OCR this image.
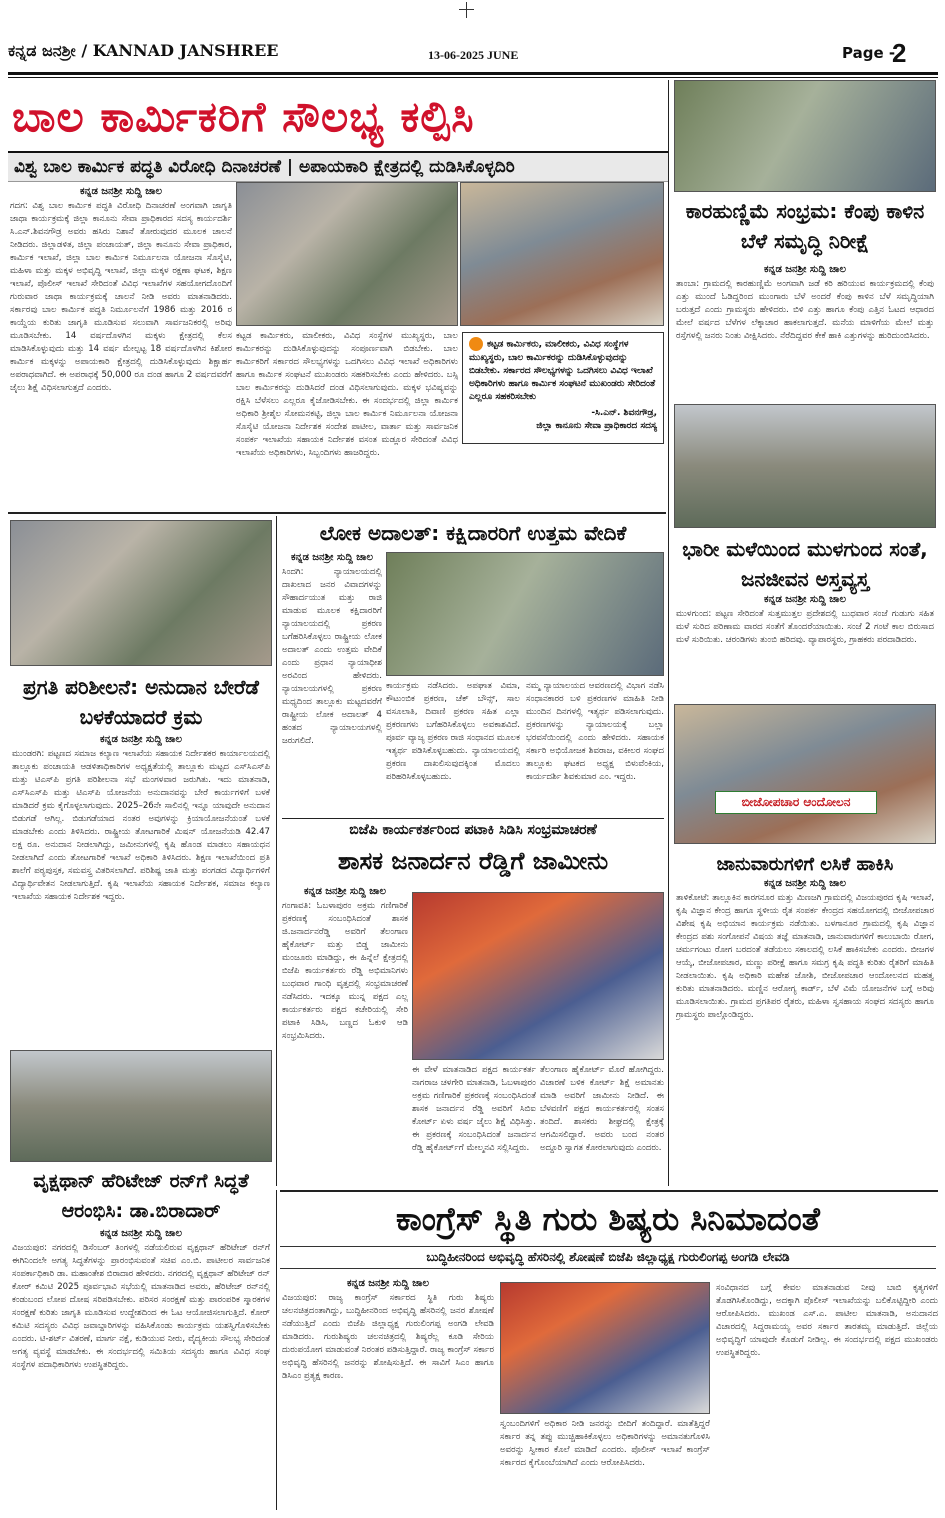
ಕನ್ನಡ ಜನಶ್ರೀ / KANNAD JANSHREE	13-06-2025 JUNE	Page -
2
ಬಾಲ ಕಾರ್ಮಿಕರಿಗೆ ಸೌಲಭ್ಯ ಕಲ್ಪಿಸಿ
ವಿಶ್ವ ಬಾಲ ಕಾರ್ಮಿಕ ಪದ್ಧತಿ ವಿರೋಧಿ ದಿನಾಚರಣೆ | ಅಪಾಯಕಾರಿ ಕ್ಷೇತ್ರದಲ್ಲಿ ದುಡಿಸಿಕೊಳ್ಳದಿರಿ
ಕನ್ನಡ ಜನಶ್ರೀ ಸುದ್ದಿ ಜಾಲ
ಗದಗ: ವಿಶ್ವ ಬಾಲ ಕಾರ್ಮಿಕ ಪದ್ಧತಿ ವಿರೋಧಿ ದಿನಾಚರಣೆ ಅಂಗವಾಗಿ ಜಾಗೃತಿ ಜಾಥಾ ಕಾರ್ಯಕ್ರಮಕ್ಕೆ ಜಿಲ್ಲಾ ಕಾನೂನು ಸೇವಾ ಪ್ರಾಧಿಕಾರದ ಸದಸ್ಯ ಕಾರ್ಯದರ್ಶಿ ಸಿ.ಎನ್.ಶಿವನಗೌಡ್ರ ಅವರು ಹಸಿರು ನಿಶಾನೆ ತೋರುವುದರ ಮೂಲಕ ಚಾಲನೆ ನೀಡಿದರು. ಜಿಲ್ಲಾಡಳಿತ, ಜಿಲ್ಲಾ ಪಂಚಾಯತ್, ಜಿಲ್ಲಾ ಕಾನೂನು ಸೇವಾ ಪ್ರಾಧಿಕಾರ, ಕಾರ್ಮಿಕ ಇಲಾಖೆ, ಜಿಲ್ಲಾ ಬಾಲ ಕಾರ್ಮಿಕ ನಿರ್ಮೂಲನಾ ಯೋಜನಾ ಸೊಸೈಟಿ, ಮಹಿಳಾ ಮತ್ತು ಮಕ್ಕಳ ಅಭಿವೃದ್ಧಿ ಇಲಾಖೆ, ಜಿಲ್ಲಾ ಮಕ್ಕಳ ರಕ್ಷಣಾ ಘಟಕ, ಶಿಕ್ಷಣ ಇಲಾಖೆ, ಪೊಲೀಸ್ ಇಲಾಖೆ ಸೇರಿದಂತೆ ವಿವಿಧ ಇಲಾಖೆಗಳ ಸಹಯೋಗದೊಂದಿಗೆ ಗುರುವಾರ ಜಾಥಾ ಕಾರ್ಯಕ್ರಮಕ್ಕೆ ಚಾಲನೆ ನೀಡಿ ಅವರು ಮಾತನಾಡಿದರು. ಸರ್ಕಾರವು ಬಾಲ ಕಾರ್ಮಿಕ ಪದ್ಧತಿ ನಿರ್ಮೂಲನೆಗೆ 1986 ಮತ್ತು 2016 ರ ಕಾಯ್ದೆಯ ಕುರಿತು ಜಾಗೃತಿ ಮೂಡಿಸುವ ಸಲುವಾಗಿ ಸಾರ್ವಜನಿಕರಲ್ಲಿ ಅರಿವು ಮೂಡಿಸಬೇಕು. 14 ವರ್ಷದೊಳಗಿನ ಮಕ್ಕಳು ಕ್ಷೇತ್ರದಲ್ಲಿ ಕೆಲಸ ಮಾಡಿಸಿಕೊಳ್ಳುವುದು ಮತ್ತು 14 ವರ್ಷ ಮೇಲ್ಪಟ್ಟ 18 ವರ್ಷದೊಳಗಿನ ಕಿಶೋರ ಕಾರ್ಮಿಕ ಮಕ್ಕಳನ್ನು ಅಪಾಯಕಾರಿ ಕ್ಷೇತ್ರದಲ್ಲಿ ದುಡಿಸಿಕೊಳ್ಳುವುದು ಶಿಕ್ಷಾರ್ಹ ಅಪರಾಧವಾಗಿದೆ. ಈ ಅಪರಾಧಕ್ಕೆ 50,000 ರೂ ದಂಡ ಹಾಗೂ 2 ವರ್ಷದವರೆಗೆ ಜೈಲು ಶಿಕ್ಷೆ ವಿಧಿಸಲಾಗುತ್ತದೆ ಎಂದರು.
ಕಟ್ಟಡ ಕಾರ್ಮಿಕರು, ಮಾಲೀಕರು, ವಿವಿಧ ಸಂಸ್ಥೆಗಳ ಮುಖ್ಯಸ್ಥರು, ಬಾಲ ಕಾರ್ಮಿಕರನ್ನು ದುಡಿಸಿಕೊಳ್ಳುವುದನ್ನು ಸಂಪೂರ್ಣವಾಗಿ ಬಿಡಬೇಕು. ಬಾಲ ಕಾರ್ಮಿಕರಿಗೆ ಸರ್ಕಾರದ ಸೌಲಭ್ಯಗಳನ್ನು ಒದಗಿಸಲು ವಿವಿಧ ಇಲಾಖೆ ಅಧಿಕಾರಿಗಳು ಹಾಗೂ ಕಾರ್ಮಿಕ ಸಂಘಟನೆ ಮುಖಂಡರು ಸಹಕರಿಸಬೇಕು ಎಂದು ಹೇಳಿದರು. ಬಸ್ಸಿ ಬಾಲ ಕಾರ್ಮಿಕರನ್ನು ದುಡಿಸಿದರೆ ದಂಡ ವಿಧಿಸಲಾಗುವುದು. ಮಕ್ಕಳ ಭವಿಷ್ಯವನ್ನು ರಕ್ಷಿಸಿ ಬೆಳೆಸಲು ಎಲ್ಲರೂ ಕೈಜೋಡಿಸಬೇಕು. ಈ ಸಂದರ್ಭದಲ್ಲಿ ಜಿಲ್ಲಾ ಕಾರ್ಮಿಕ ಅಧಿಕಾರಿ ಶ್ರೀಶೈಲ ಸೋಮನಕಟ್ಟಿ, ಜಿಲ್ಲಾ ಬಾಲ ಕಾರ್ಮಿಕ ನಿರ್ಮೂಲನಾ ಯೋಜನಾ ಸೊಸೈಟಿ ಯೋಜನಾ ನಿರ್ದೇಶಕ ಸಂದೇಶ ಪಾಟೀಲ, ವಾರ್ತಾ ಮತ್ತು ಸಾರ್ವಜನಿಕ ಸಂಪರ್ಕ ಇಲಾಖೆಯ ಸಹಾಯಕ ನಿರ್ದೇಶಕ ವಸಂತ ಮಡ್ಲೂರ ಸೇರಿದಂತೆ ವಿವಿಧ ಇಲಾಖೆಯ ಅಧಿಕಾರಿಗಳು, ಸಿಬ್ಬಂದಿಗಳು ಹಾಜರಿದ್ದರು.
ಕಟ್ಟಡ ಕಾರ್ಮಿಕರು, ಮಾಲೀಕರು, ವಿವಿಧ ಸಂಸ್ಥೆಗಳ ಮುಖ್ಯಸ್ಥರು, ಬಾಲ ಕಾರ್ಮಿಕರನ್ನು ದುಡಿಸಿಕೊಳ್ಳುವುದನ್ನು ಬಿಡಬೇಕು. ಸರ್ಕಾರದ ಸೌಲಭ್ಯಗಳನ್ನು ಒದಗಿಸಲು ವಿವಿಧ ಇಲಾಖೆ ಅಧಿಕಾರಿಗಳು ಹಾಗೂ ಕಾರ್ಮಿಕ ಸಂಘಟನೆ ಮುಖಂಡರು ಸೇರಿದಂತೆ ಎಲ್ಲರೂ ಸಹಕರಿಸಬೇಕು
-ಸಿ.ಎನ್. ಶಿವನಗೌಡ್ರ,
ಜಿಲ್ಲಾ ಕಾನೂನು ಸೇವಾ ಪ್ರಾಧಿಕಾರದ ಸದಸ್ಯ
ಕಾರಹುಣ್ಣಿಮೆ ಸಂಭ್ರಮ: ಕೆಂಪು ಕಾಳಿನ ಬೆಳೆ ಸಮೃದ್ಧಿ ನಿರೀಕ್ಷೆ
ಕನ್ನಡ ಜನಶ್ರೀ ಸುದ್ದಿ ಜಾಲ
ತಾಂಬಾ: ಗ್ರಾಮದಲ್ಲಿ ಕಾರಹುಣ್ಣಿಮೆ ಅಂಗವಾಗಿ ಜಡೆ ಕರಿ ಹರಿಯುವ ಕಾರ್ಯಕ್ರಮದಲ್ಲಿ ಕೆಂಪು ಎತ್ತು ಮುಂದೆ ಓಡಿದ್ದರಿಂದ ಮುಂಗಾರು ಬೆಳೆ ಅಂದರೆ ಕೆಂಪು ಕಾಳಿನ ಬೆಳೆ ಸಮೃದ್ಧಿಯಾಗಿ ಬರುತ್ತದೆ ಎಂದು ಗ್ರಾಮಸ್ಥರು ಹೇಳಿದರು. ಬಿಳಿ ಎತ್ತು ಹಾಗೂ ಕೆಂಪು ಎತ್ತಿನ ಓಟದ ಆಧಾರದ ಮೇಲೆ ವರ್ಷದ ಬೆಳೆಗಳ ಲೆಕ್ಕಾಚಾರ ಹಾಕಲಾಗುತ್ತದೆ. ಮನೆಯ ಮಾಳಿಗೆಯ ಮೇಲೆ ಮತ್ತು ರಸ್ತೆಗಳಲ್ಲಿ ಜನರು ನಿಂತು ವೀಕ್ಷಿಸಿದರು. ನೆರೆದಿದ್ದವರ ಕೇಕೆ ಹಾಕಿ ಎತ್ತುಗಳನ್ನು ಹುರಿದುಂಬಿಸಿದರು.
ಭಾರೀ ಮಳೆಯಿಂದ ಮುಳಗುಂದ ಸಂತೆ, ಜನಜೀವನ ಅಸ್ತವ್ಯಸ್ತ
ಕನ್ನಡ ಜನಶ್ರೀ ಸುದ್ದಿ ಜಾಲ
ಮುಳಗುಂದ: ಪಟ್ಟಣ ಸೇರಿದಂತೆ ಸುತ್ತಮುತ್ತಲ ಪ್ರದೇಶದಲ್ಲಿ ಬುಧವಾರ ಸಂಜೆ ಗುಡುಗು ಸಹಿತ ಮಳೆ ಸುರಿದ ಪರಿಣಾಮ ವಾರದ ಸಂತೆಗೆ ತೊಂದರೆಯಾಯಿತು. ಸಂಜೆ 2 ಗಂಟೆ ಕಾಲ ಬಿರುಸಾದ ಮಳೆ ಸುರಿಯಿತು. ಚರಂಡಿಗಳು ತುಂಬಿ ಹರಿದವು. ವ್ಯಾಪಾರಸ್ಥರು, ಗ್ರಾಹಕರು ಪರದಾಡಿದರು.
ಬೀಜೋಪಚಾರ ಆಂದೋಲನ
ಜಾನುವಾರುಗಳಿಗೆ ಲಸಿಕೆ ಹಾಕಿಸಿ
ಕನ್ನಡ ಜನಶ್ರೀ ಸುದ್ದಿ ಜಾಲ
ತಾಳಿಕೋಟೆ: ತಾಲ್ಲೂಕಿನ ಕಾರಗನೂರ ಮತ್ತು ಮಿಣಜಗಿ ಗ್ರಾಮದಲ್ಲಿ ವಿಜಯಪುರದ ಕೃಷಿ ಇಲಾಖೆ, ಕೃಷಿ ವಿಜ್ಞಾನ ಕೇಂದ್ರ ಹಾಗೂ ಸ್ಥಳೀಯ ರೈತ ಸಂಪರ್ಕ ಕೇಂದ್ರದ ಸಹಯೋಗದಲ್ಲಿ ಬೀಜೋಪಚಾರ ವಿಶೇಷ ಕೃಷಿ ಅಭಿಯಾನ ಕಾರ್ಯಕ್ರಮ ನಡೆಯಿತು. ಬಳಗಾನೂರ ಗ್ರಾಮದಲ್ಲಿ ಕೃಷಿ ವಿಜ್ಞಾನ ಕೇಂದ್ರದ ಪಶು ಸಂಗೋಪನೆ ವಿಷಯ ತಜ್ಞೆ ಮಾತನಾಡಿ, ಜಾನುವಾರುಗಳಿಗೆ ಕಾಲುಬಾಯಿ ರೋಗ, ಚರ್ಮಗಂಟು ರೋಗ ಬರದಂತೆ ತಡೆಯಲು ಸಕಾಲದಲ್ಲಿ ಲಸಿಕೆ ಹಾಕಿಸಬೇಕು ಎಂದರು. ಬೀಜಗಳ ಆಯ್ಕೆ, ಬೀಜೋಪಚಾರ, ಮಣ್ಣು ಪರೀಕ್ಷೆ ಹಾಗೂ ಸಮಗ್ರ ಕೃಷಿ ಪದ್ಧತಿ ಕುರಿತು ರೈತರಿಗೆ ಮಾಹಿತಿ ನೀಡಲಾಯಿತು. ಕೃಷಿ ಅಧಿಕಾರಿ ಮಹೇಶ ಜೋಶಿ, ಬೀಜೋಪಚಾರ ಆಂದೋಲನದ ಮಹತ್ವ ಕುರಿತು ಮಾತನಾಡಿದರು. ಮಣ್ಣಿನ ಆರೋಗ್ಯ ಕಾರ್ಡ್, ಬೆಳೆ ವಿಮೆ ಯೋಜನೆಗಳ ಬಗ್ಗೆ ಅರಿವು ಮೂಡಿಸಲಾಯಿತು. ಗ್ರಾಮದ ಪ್ರಗತಿಪರ ರೈತರು, ಮಹಿಳಾ ಸ್ವಸಹಾಯ ಸಂಘದ ಸದಸ್ಯರು ಹಾಗೂ ಗ್ರಾಮಸ್ಥರು ಪಾಲ್ಗೊಂಡಿದ್ದರು.
ಪ್ರಗತಿ ಪರಿಶೀಲನೆ: ಅನುದಾನ ಬೇರೆಡೆ ಬಳಕೆಯಾದರೆ ಕ್ರಮ
ಕನ್ನಡ ಜನಶ್ರೀ ಸುದ್ದಿ ಜಾಲ
ಮುಂಡರಗಿ: ಪಟ್ಟಣದ ಸಮಾಜ ಕಲ್ಯಾಣ ಇಲಾಖೆಯ ಸಹಾಯಕ ನಿರ್ದೇಶಕರ ಕಾರ್ಯಾಲಯದಲ್ಲಿ ತಾಲ್ಲೂಕು ಪಂಚಾಯತಿ ಆಡಳಿತಾಧಿಕಾರಿಗಳ ಅಧ್ಯಕ್ಷತೆಯಲ್ಲಿ ತಾಲ್ಲೂಕು ಮಟ್ಟದ ಎಸ್‌ಸಿಎಸ್‌ಪಿ ಮತ್ತು ಟಿಎಸ್‌ಪಿ ಪ್ರಗತಿ ಪರಿಶೀಲನಾ ಸಭೆ ಮಂಗಳವಾರ ಜರುಗಿತು. ಇದು ಮಾತನಾಡಿ, ಎಸ್‌ಸಿಎಸ್‌ಪಿ ಮತ್ತು ಟಿಎಸ್‌ಪಿ ಯೋಜನೆಯ ಅನುದಾನವನ್ನು ಬೇರೆ ಕಾರ್ಯಗಳಿಗೆ ಬಳಕೆ ಮಾಡಿದರೆ ಕ್ರಮ ಕೈಗೊಳ್ಳಲಾಗುವುದು. 2025–26ನೇ ಸಾಲಿನಲ್ಲಿ ಇನ್ನೂ ಯಾವುದೇ ಅನುದಾನ ಬಿಡುಗಡೆ ಆಗಿಲ್ಲ. ಬಿಡುಗಡೆಯಾದ ನಂತರ ಅವುಗಳನ್ನು ಕ್ರಿಯಾಯೋಜನೆಯಂತೆ ಬಳಕೆ ಮಾಡಬೇಕು ಎಂದು ತಿಳಿಸಿದರು. ರಾಷ್ಟ್ರೀಯ ತೋಟಗಾರಿಕೆ ಮಿಷನ್ ಯೋಜನೆಯಡಿ 42.47 ಲಕ್ಷ ರೂ. ಅನುದಾನ ನೀಡಲಾಗಿದ್ದು, ಜಮೀನುಗಳಲ್ಲಿ ಕೃಷಿ ಹೊಂಡ ಮಾಡಲು ಸಹಾಯಧನ ನೀಡಲಾಗಿದೆ ಎಂದು ತೋಟಗಾರಿಕೆ ಇಲಾಖೆ ಅಧಿಕಾರಿ ತಿಳಿಸಿದರು. ಶಿಕ್ಷಣ ಇಲಾಖೆಯಿಂದ ಪ್ರತಿ ಶಾಲೆಗೆ ಪಠ್ಯಪುಸ್ತಕ, ಸಮವಸ್ತ್ರ ವಿತರಿಸಲಾಗಿದೆ. ಪರಿಶಿಷ್ಟ ಜಾತಿ ಮತ್ತು ಪಂಗಡದ ವಿದ್ಯಾರ್ಥಿಗಳಿಗೆ ವಿದ್ಯಾರ್ಥಿವೇತನ ನೀಡಲಾಗುತ್ತಿದೆ. ಕೃಷಿ ಇಲಾಖೆಯ ಸಹಾಯಕ ನಿರ್ದೇಶಕ, ಸಮಾಜ ಕಲ್ಯಾಣ ಇಲಾಖೆಯ ಸಹಾಯಕ ನಿರ್ದೇಶಕ ಇದ್ದರು.
ಲೋಕ ಅದಾಲತ್: ಕಕ್ಷಿದಾರರಿಗೆ ಉತ್ತಮ ವೇದಿಕೆ
ಕನ್ನಡ ಜನಶ್ರೀ ಸುದ್ದಿ ಜಾಲ
ಸಿಂದಗಿ: ನ್ಯಾಯಾಲಯದಲ್ಲಿ ದಾಖಲಾದ ಜನರ ವಿವಾದಗಳನ್ನು ಸೌಹಾರ್ದಯುತ ಮತ್ತು ರಾಜಿ ಮಾಡುವ ಮೂಲಕ ಕಕ್ಷಿದಾರರಿಗೆ ನ್ಯಾಯಾಲಯದಲ್ಲಿ ಪ್ರಕರಣ ಬಗೆಹರಿಸಿಕೊಳ್ಳಲು ರಾಷ್ಟ್ರೀಯ ಲೋಕ ಅದಾಲತ್ ಎಂದು ಉತ್ತಮ ವೇದಿಕೆ ಎಂದು ಪ್ರಧಾನ ನ್ಯಾಯಾಧೀಶ ಅರವಿಂದ ಹೇಳಿದರು. ನ್ಯಾಯಾಲಯಗಳಲ್ಲಿ ಪ್ರಕರಣ ಮಧ್ಯದಿಂದ ತಾಲ್ಲೂಕು ಮಟ್ಟದವರೆಗೆ ರಾಷ್ಟ್ರೀಯ ಲೋಕ ಅದಾಲತ್ 4 ಹಂತದ ನ್ಯಾಯಾಲಯಗಳಲ್ಲಿ ಜರುಗಲಿದೆ.
ಕಾರ್ಯಕ್ರಮ ನಡೆಸಿದರು. ಅಪಘಾತ ವಿಮಾ, ಕೌಟುಂಬಿಕ ಪ್ರಕರಣ, ಚೆಕ್ ಬೌನ್ಸ್, ಸಾಲ ವಸೂಲಾತಿ, ದಿವಾಣಿ ಪ್ರಕರಣ ಸಹಿತ ಎಲ್ಲಾ ಪ್ರಕರಣಗಳು ಬಗೆಹರಿಸಿಕೊಳ್ಳಲು ಅವಕಾಶವಿದೆ. ಪೂರ್ವ ವ್ಯಾಜ್ಯ ಪ್ರಕರಣ ರಾಜಿ ಸಂಧಾನದ ಮೂಲಕ ಇತ್ಯರ್ಥ ಪಡಿಸಿಕೊಳ್ಳಬಹುದು. ನ್ಯಾಯಾಲಯದಲ್ಲಿ ಪ್ರಕರಣ ದಾಖಲಿಸುವುದಕ್ಕಿಂತ ಮೊದಲು ಪರಿಹರಿಸಿಕೊಳ್ಳಬಹುದು.
ನಮ್ಮ ನ್ಯಾಯಾಲಯದ ಆವರಣದಲ್ಲಿ ವಿಭಾಗ ನಡೆಸಿ ಸಂಧಾನಕಾರರ ಬಳಿ ಪ್ರಕರಣಗಳ ಮಾಹಿತಿ ನೀಡಿ ಮುಂದಿನ ದಿನಗಳಲ್ಲಿ ಇತ್ಯರ್ಥ ಪಡಿಸಲಾಗುವುದು. ಪ್ರಕರಣಗಳನ್ನು ನ್ಯಾಯಾಲಯಕ್ಕೆ ಬಲ್ಲಾ ಭರವಸೆಯಿಂದಲ್ಲಿ ಎಂದು ಹೇಳಿದರು. ಸಹಾಯಕ ಸರ್ಕಾರಿ ಅಭಿಯೋಜಕ ಶಿವರಾಜ, ವಕೀಲರ ಸಂಘದ ತಾಲ್ಲೂಕು ಘಟಕದ ಅಧ್ಯಕ್ಷ ಬಿಳುವೆಂಕಿಯ, ಕಾರ್ಯದರ್ಶಿ ಶಿವಕುಮಾರ ಎಂ. ಇದ್ದರು.
ಬಿಜೆಪಿ ಕಾರ್ಯಕರ್ತರಿಂದ ಪಟಾಕಿ ಸಿಡಿಸಿ ಸಂಭ್ರಮಾಚರಣೆ
ಶಾಸಕ ಜನಾರ್ದನ ರೆಡ್ಡಿಗೆ ಜಾಮೀನು
ಕನ್ನಡ ಜನಶ್ರೀ ಸುದ್ದಿ ಜಾಲ
ಗಂಗಾವತಿ: ಓಬಳಾಪುರಂ ಅಕ್ರಮ ಗಣಿಗಾರಿಕೆ ಪ್ರಕರಣಕ್ಕೆ ಸಂಬಂಧಿಸಿದಂತೆ ಶಾಸಕ ಜಿ.ಜನಾರ್ದನರೆಡ್ಡಿ ಅವರಿಗೆ ತೆಲಂಗಾಣ ಹೈಕೋರ್ಟ್ ಮತ್ತು ಬಿಡ್ಡ ಜಾಮೀನು ಮಂಜೂರು ಮಾಡಿದ್ದು, ಈ ಹಿನ್ನೆಲೆ ಕ್ಷೇತ್ರದಲ್ಲಿ ಬಿಜೆಪಿ ಕಾರ್ಯಕರ್ತರು ರೆಡ್ಡಿ ಅಭಿಮಾನಿಗಳು ಬುಧವಾರ ಗಾಂಧಿ ವೃತ್ತದಲ್ಲಿ ಸಂಭ್ರಮಾಚರಣೆ ನಡೆಸಿದರು. ಇದಕ್ಕೂ ಮುನ್ನ ಪಕ್ಷದ ಎಲ್ಲ ಕಾರ್ಯಕರ್ತರು ಪಕ್ಷದ ಕಚೇರಿಯಲ್ಲಿ ಸೇರಿ ಪಟಾಕಿ ಸಿಡಿಸಿ, ಬಣ್ಣದ ಓಕುಳಿ ಆಡಿ ಸಂಭ್ರಮಿಸಿದರು.
ಈ ವೇಳೆ ಮಾತನಾಡಿದ ಪಕ್ಷದ ಕಾರ್ಯಕರ್ತ ನಾಗರಾಜ ಚಳಗೇರಿ ಮಾತನಾಡಿ, ಓಬಳಾಪುರಂ ಅಕ್ರಮ ಗಣಿಗಾರಿಕೆ ಪ್ರಕರಣಕ್ಕೆ ಸಂಬಂಧಿಸಿದಂತೆ ಶಾಸಕ ಜನಾರ್ದನ ರೆಡ್ಡಿ ಅವರಿಗೆ ಸಿಬಿಐ ಕೋರ್ಟ್ ಏಳು ವರ್ಷ ಜೈಲು ಶಿಕ್ಷೆ ವಿಧಿಸಿತ್ತು. ಈ ಪ್ರಕರಣಕ್ಕೆ ಸಂಬಂಧಿಸಿದಂತೆ ಜನಾರ್ದನ ರೆಡ್ಡಿ ಹೈಕೋರ್ಟ್‌ಗೆ ಮೇಲ್ಮನವಿ ಸಲ್ಲಿಸಿದ್ದರು.
ತೆಲಂಗಾಣ ಹೈಕೋರ್ಟ್ ಮೊರೆ ಹೋಗಿದ್ದರು. ವಿಚಾರಣೆ ಬಳಿಕ ಕೋರ್ಟ್ ಶಿಕ್ಷೆ ಅಮಾನತು ಮಾಡಿ ಅವರಿಗೆ ಜಾಮೀನು ನೀಡಿದೆ. ಈ ಬೆಳವಣಿಗೆ ಪಕ್ಷದ ಕಾರ್ಯಕರ್ತರಲ್ಲಿ ಸಂತಸ ತಂದಿದೆ. ಶಾಸಕರು ಶೀಘ್ರದಲ್ಲಿ ಕ್ಷೇತ್ರಕ್ಕೆ ಆಗಮಿಸಲಿದ್ದಾರೆ. ಅವರು ಬಂದ ನಂತರ ಅದ್ದೂರಿ ಸ್ವಾಗತ ಕೋರಲಾಗುವುದು ಎಂದರು.
ವೃಕ್ಷಥಾನ್ ಹೆರಿಟೇಜ್ ರನ್‌ಗೆ ಸಿದ್ಧತೆ ಆರಂಭಿಸಿ: ಡಾ.ಬಿರಾದಾರ್
ಕನ್ನಡ ಜನಶ್ರೀ ಸುದ್ದಿ ಜಾಲ
ವಿಜಯಪುರ: ನಗರದಲ್ಲಿ ಡಿಸೆಂಬರ್ ತಿಂಗಳಲ್ಲಿ ನಡೆಯಲಿರುವ ವೃಕ್ಷಥಾನ್ ಹೆರಿಟೇಜ್ ರನ್‌ಗೆ ಈಗಿನಿಂದಲೇ ಅಗತ್ಯ ಸಿದ್ಧತೆಗಳನ್ನು ಪ್ರಾರಂಭಿಸುವಂತೆ ಸಚಿವ ಎಂ.ಬಿ. ಪಾಟೀಲರ ಸಾರ್ವಜನಿಕ ಸಂಪರ್ಕಾಧಿಕಾರಿ ಡಾ. ಮಹಾಂತೇಶ ಬಿರಾದಾರ ಹೇಳಿದರು. ನಗರದಲ್ಲಿ ವೃಕ್ಷಥಾನ್ ಹೆರಿಟೇಜ್ ರನ್ ಕೋರ್ ಕಮಿಟಿ 2025 ಪೂರ್ವಭಾವಿ ಸಭೆಯಲ್ಲಿ ಮಾತನಾಡಿದ ಅವರು, ಹೆರಿಟೇಜ್ ರನ್‌ನಲ್ಲಿ ಕಂಡುಬಂದ ಲೋಪ ದೋಷ ಸರಿಪಡಿಸಬೇಕು. ಪರಿಸರ ಸಂರಕ್ಷಣೆ ಮತ್ತು ಪಾರಂಪರಿಕ ಸ್ಮಾರಕಗಳ ಸಂರಕ್ಷಣೆ ಕುರಿತು ಜಾಗೃತಿ ಮೂಡಿಸುವ ಉದ್ದೇಶದಿಂದ ಈ ಓಟ ಆಯೋಜಿಸಲಾಗುತ್ತಿದೆ. ಕೋರ್ ಕಮಿಟಿ ಸದಸ್ಯರು ವಿವಿಧ ಜವಾಬ್ದಾರಿಗಳನ್ನು ವಹಿಸಿಕೊಂಡು ಕಾರ್ಯಕ್ರಮ ಯಶಸ್ವಿಗೊಳಿಸಬೇಕು ಎಂದರು. ಟಿ-ಶರ್ಟ್ ವಿತರಣೆ, ಮಾರ್ಗ ನಕ್ಷೆ, ಕುಡಿಯುವ ನೀರು, ವೈದ್ಯಕೀಯ ಸೌಲಭ್ಯ ಸೇರಿದಂತೆ ಅಗತ್ಯ ವ್ಯವಸ್ಥೆ ಮಾಡಬೇಕು. ಈ ಸಂದರ್ಭದಲ್ಲಿ ಸಮಿತಿಯ ಸದಸ್ಯರು ಹಾಗೂ ವಿವಿಧ ಸಂಘ ಸಂಸ್ಥೆಗಳ ಪದಾಧಿಕಾರಿಗಳು ಉಪಸ್ಥಿತರಿದ್ದರು.
ಕಾಂಗ್ರೆಸ್ ಸ್ಥಿತಿ ಗುರು ಶಿಷ್ಯರು ಸಿನಿಮಾದಂತೆ
ಬುದ್ಧಿಹೀನರಿಂದ ಅಭಿವೃದ್ಧಿ ಹೆಸರಿನಲ್ಲಿ ಶೋಷಣೆ ಬಿಜೆಪಿ ಜಿಲ್ಲಾಧ್ಯಕ್ಷ ಗುರುಲಿಂಗಪ್ಪ ಅಂಗಡಿ ಲೇವಡಿ
ಕನ್ನಡ ಜನಶ್ರೀ ಸುದ್ದಿ ಜಾಲ
ವಿಜಯಪುರ: ರಾಜ್ಯ ಕಾಂಗ್ರೆಸ್ ಸರ್ಕಾರದ ಸ್ಥಿತಿ ಗುರು ಶಿಷ್ಯರು ಚಲನಚಿತ್ರದಂತಾಗಿದ್ದು, ಬುದ್ಧಿಹೀನರಿಂದ ಅಭಿವೃದ್ಧಿ ಹೆಸರಿನಲ್ಲಿ ಜನರ ಶೋಷಣೆ ನಡೆಯುತ್ತಿದೆ ಎಂದು ಬಿಜೆಪಿ ಜಿಲ್ಲಾಧ್ಯಕ್ಷ ಗುರುಲಿಂಗಪ್ಪ ಅಂಗಡಿ ಲೇವಡಿ ಮಾಡಿದರು. ಗುರುಶಿಷ್ಯರು ಚಲನಚಿತ್ರದಲ್ಲಿ ಶಿಷ್ಯರೆಲ್ಲ ಕೂಡಿ ಸೇರಿಯ ದುರುಪಯೋಗ ಮಾಡುವಂತೆ ನಿರಂತರ ಪಡಿಸುತ್ತಿದ್ದಾರೆ. ರಾಜ್ಯ ಕಾಂಗ್ರೆಸ್ ಸರ್ಕಾರ ಅಭಿವೃದ್ಧಿ ಹೆಸರಿನಲ್ಲಿ ಜನರನ್ನು ಶೋಷಿಸುತ್ತಿದೆ. ಈ ಸಾವಿಗೆ ಸಿಎಂ ಹಾಗೂ ಡಿಸಿಎಂ ಪ್ರತ್ಯಕ್ಷ ಕಾರಣ.
ಸ್ವಂಬಂದಿಗಳಿಗೆ ಅಧಿಕಾರ ನೀಡಿ ಜನರನ್ನು ಬೀದಿಗೆ ತಂದಿದ್ದಾರೆ. ಮಾತೆತ್ತಿದ್ದರೆ ಸರ್ಕಾರ ತನ್ನ ತಪ್ಪು ಮುಚ್ಚಿಹಾಕಿಕೊಳ್ಳಲು ಅಧಿಕಾರಿಗಳನ್ನು ಅಮಾನತುಗೊಳಿಸಿ ಅವರನ್ನು ಸ್ವೀಕಾರ ಕೊಲೆ ಮಾಡಿದೆ ಎಂದರು. ಪೊಲೀಸ್ ಇಲಾಖೆ ಕಾಂಗ್ರೆಸ್ ಸರ್ಕಾರದ ಕೈಗೊಂಬೆಯಾಗಿದೆ ಎಂದು ಆರೋಪಿಸಿದರು.
ಸಂವಿಧಾನದ ಬಗ್ಗೆ ಕೇವಲ ಮಾತನಾಡುವ ನೀವು ಬಾಬಿ ಕೃತ್ಯಗಳಿಗೆ ತೊಡಗಿಸಿಕೊಂಡಿದ್ದು, ಅದಕ್ಕಾಗಿ ಪೊಲೀಸ್ ಇಲಾಖೆಯನ್ನು ಬಲಿಕೊಟ್ಟಿದ್ದೀರಿ ಎಂದು ಆರೋಪಿಸಿದರು. ಮುಖಂಡ ಎಸ್.ಎ. ಪಾಟೀಲ ಮಾತನಾಡಿ, ಅನುದಾನದ ವಿಚಾರದಲ್ಲಿ ಸಿದ್ದರಾಮಯ್ಯ ಅವರ ಸರ್ಕಾರ ತಾರತಮ್ಯ ಮಾಡುತ್ತಿದೆ. ಜಿಲ್ಲೆಯ ಅಭಿವೃದ್ಧಿಗೆ ಯಾವುದೇ ಕೊಡುಗೆ ನೀಡಿಲ್ಲ. ಈ ಸಂದರ್ಭದಲ್ಲಿ ಪಕ್ಷದ ಮುಖಂಡರು ಉಪಸ್ಥಿತರಿದ್ದರು.
